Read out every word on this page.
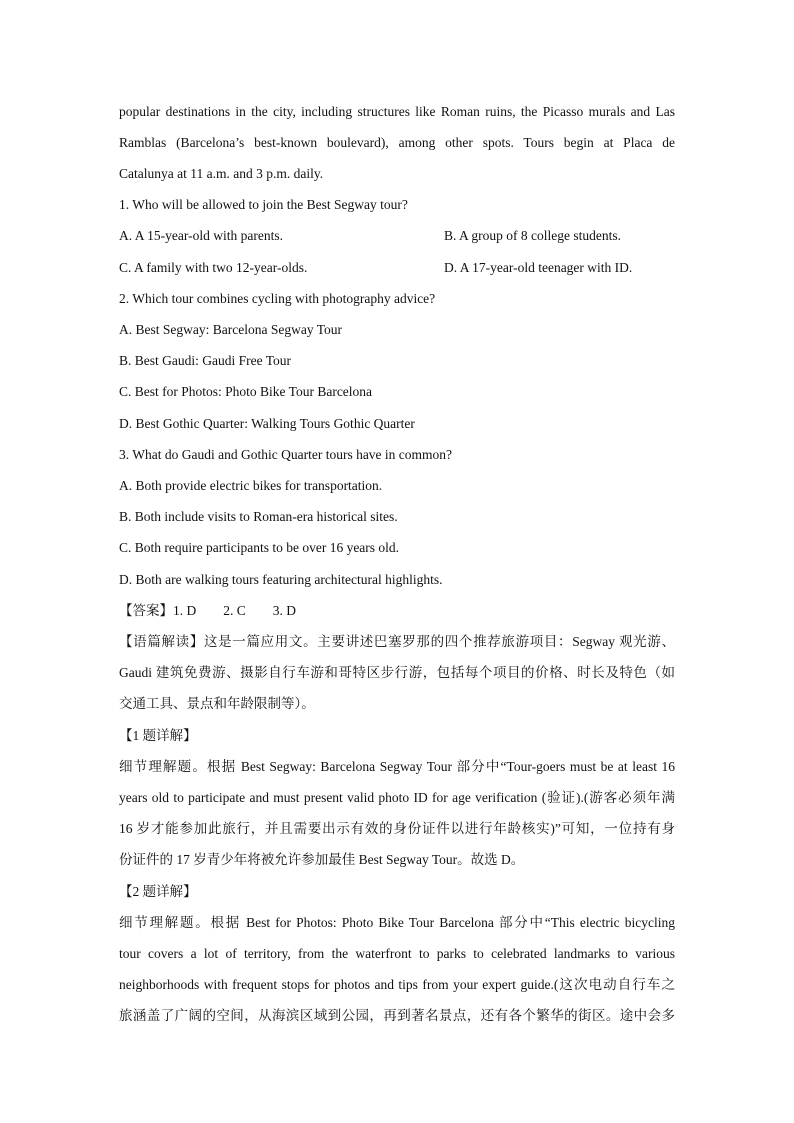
popular destinations in the city, including structures like Roman ruins, the Picasso murals and Las
Ramblas (Barcelona’s best-known boulevard), among other spots. Tours begin at Placa de
Catalunya at 11 a.m. and 3 p.m. daily.
1. Who will be allowed to join the Best Segway tour?
A. A 15-year-old with parents.	B. A group of 8 college students.
C. A family with two 12-year-olds.	D. A 17-year-old teenager with ID.
2. Which tour combines cycling with photography advice?
A. Best Segway: Barcelona Segway Tour
B. Best Gaudi: Gaudi Free Tour
C. Best for Photos: Photo Bike Tour Barcelona
D. Best Gothic Quarter: Walking Tours Gothic Quarter
3. What do Gaudi and Gothic Quarter tours have in common?
A. Both provide electric bikes for transportation.
B. Both include visits to Roman-era historical sites.
C. Both require participants to be over 16 years old.
D. Both are walking tours featuring architectural highlights.
【答案】1. D　　2. C　　3. D
【语篇解读】这是一篇应用文。主要讲述巴塞罗那的四个推荐旅游项目：Segway 观光游、
Gaudi 建筑免费游、摄影自行车游和哥特区步行游，包括每个项目的价格、时长及特色（如
交通工具、景点和年龄限制等）。
【1 题详解】
细节理解题。根据 Best Segway: Barcelona Segway Tour 部分中“Tour-goers must be at least 16
years old to participate and must present valid photo ID for age verification (验证).(游客必须年满
16 岁才能参加此旅行，并且需要出示有效的身份证件以进行年龄核实)”可知，一位持有身
份证件的 17 岁青少年将被允许参加最佳 Best Segway Tour。故选 D。
【2 题详解】
细节理解题。根据 Best for Photos: Photo Bike Tour Barcelona 部分中“This electric bicycling
tour covers a lot of territory, from the waterfront to parks to celebrated landmarks to various
neighborhoods with frequent stops for photos and tips from your expert guide.(这次电动自行车之
旅涵盖了广阔的空间，从海滨区域到公园，再到著名景点，还有各个繁华的街区。途中会多
